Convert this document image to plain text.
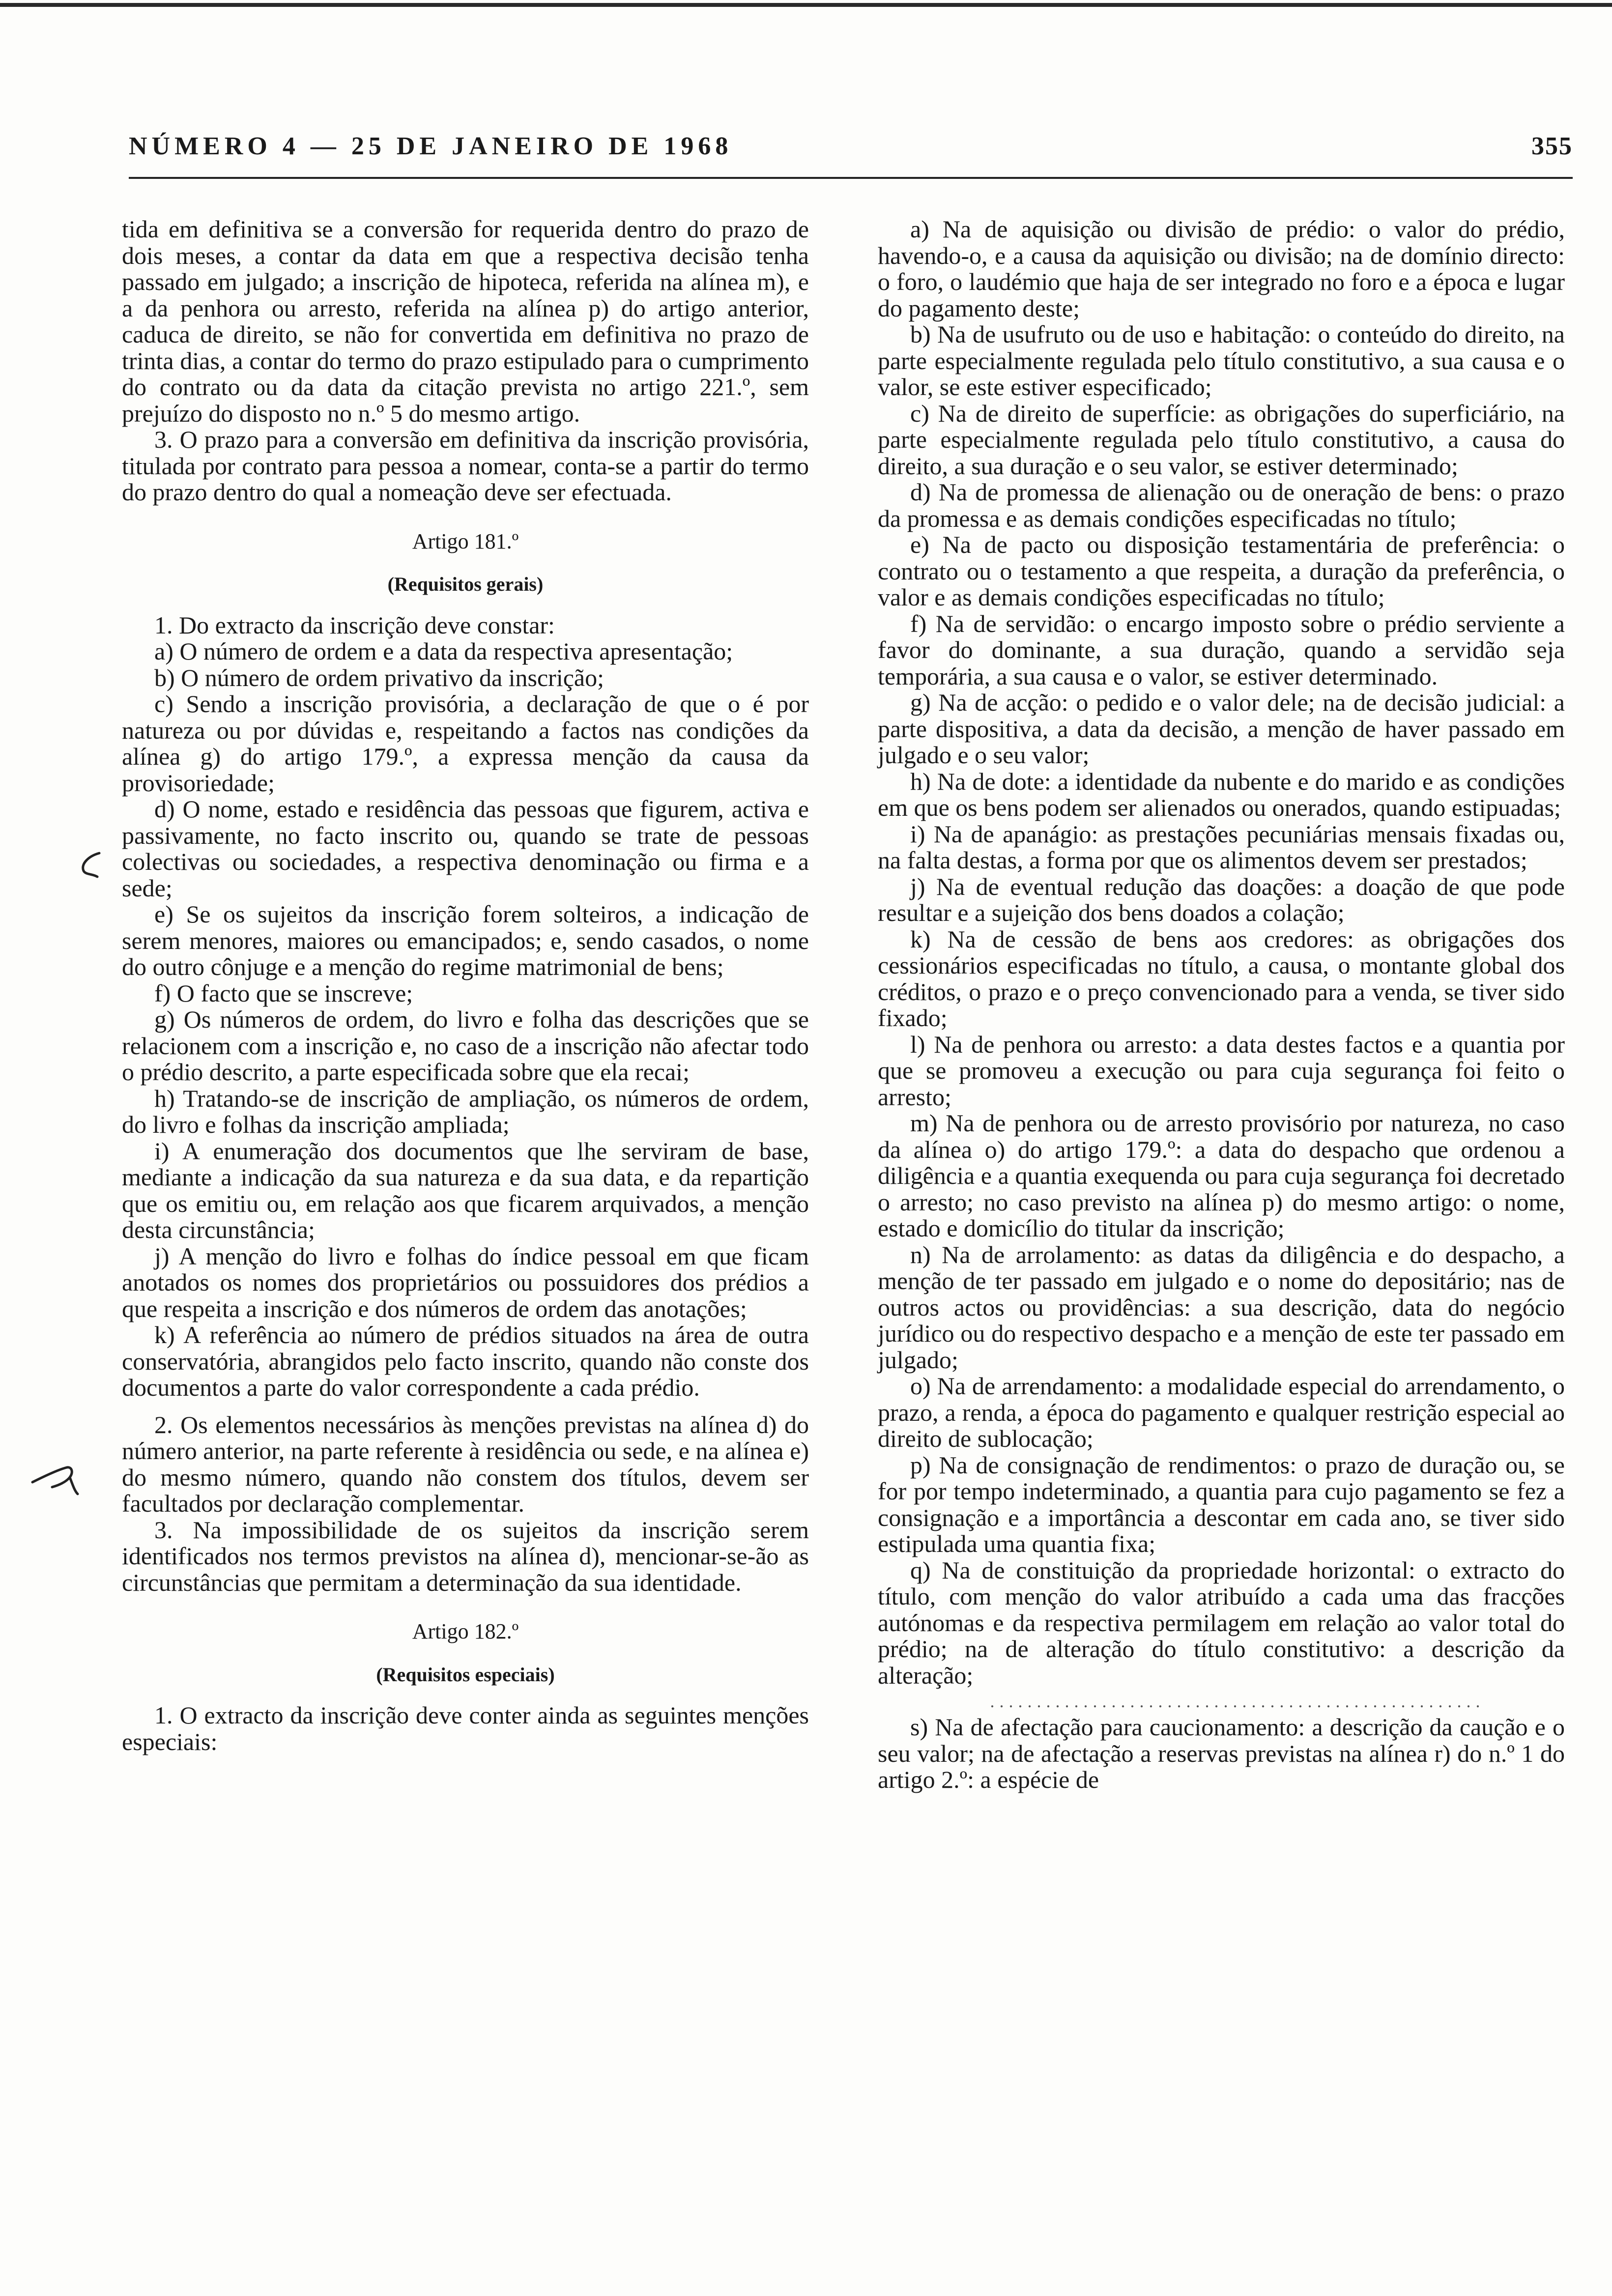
NÚMERO 4 — 25 DE JANEIRO DE 1968	355

tida em definitiva se a conversão for requerida dentro do prazo de dois meses, a contar da data em que a respectiva decisão tenha passado em julgado; a inscrição de hipoteca, referida na alínea m), e a da penhora ou arresto, referida na alínea p) do artigo anterior, caduca de direito, se não for convertida em definitiva no prazo de trinta dias, a contar do termo do prazo estipulado para o cumprimento do contrato ou da data da citação prevista no artigo 221.º, sem prejuízo do disposto no n.º 5 do mesmo artigo.

3. O prazo para a conversão em definitiva da inscrição provisória, titulada por contrato para pessoa a nomear, conta-se a partir do termo do prazo dentro do qual a nomeação deve ser efectuada.

Artigo 181.º

(Requisitos gerais)

1. Do extracto da inscrição deve constar:

a) O número de ordem e a data da respectiva apresentação;

b) O número de ordem privativo da inscrição;

c) Sendo a inscrição provisória, a declaração de que o é por natureza ou por dúvidas e, respeitando a factos nas condições da alínea g) do artigo 179.º, a expressa menção da causa da provisoriedade;

d) O nome, estado e residência das pessoas que figurem, activa e passivamente, no facto inscrito ou, quando se trate de pessoas colectivas ou sociedades, a respectiva denominação ou firma e a sede;

e) Se os sujeitos da inscrição forem solteiros, a indicação de serem menores, maiores ou emancipados; e, sendo casados, o nome do outro cônjuge e a menção do regime matrimonial de bens;

f) O facto que se inscreve;

g) Os números de ordem, do livro e folha das descrições que se relacionem com a inscrição e, no caso de a inscrição não afectar todo o prédio descrito, a parte especificada sobre que ela recai;

h) Tratando-se de inscrição de ampliação, os números de ordem, do livro e folhas da inscrição ampliada;

i) A enumeração dos documentos que lhe serviram de base, mediante a indicação da sua natureza e da sua data, e da repartição que os emitiu ou, em relação aos que ficarem arquivados, a menção desta circunstância;

j) A menção do livro e folhas do índice pessoal em que ficam anotados os nomes dos proprietários ou possuidores dos prédios a que respeita a inscrição e dos números de ordem das anotações;

k) A referência ao número de prédios situados na área de outra conservatória, abrangidos pelo facto inscrito, quando não conste dos documentos a parte do valor correspondente a cada prédio.

2. Os elementos necessários às menções previstas na alínea d) do número anterior, na parte referente à residência ou sede, e na alínea e) do mesmo número, quando não constem dos títulos, devem ser facultados por declaração complementar.

3. Na impossibilidade de os sujeitos da inscrição serem identificados nos termos previstos na alínea d), mencionar-se-ão as circunstâncias que permitam a determinação da sua identidade.

Artigo 182.º

(Requisitos especiais)

1. O extracto da inscrição deve conter ainda as seguintes menções especiais:

a) Na de aquisição ou divisão de prédio: o valor do prédio, havendo-o, e a causa da aquisição ou divisão; na de domínio directo: o foro, o laudémio que haja de ser integrado no foro e a época e lugar do pagamento deste;

b) Na de usufruto ou de uso e habitação: o conteúdo do direito, na parte especialmente regulada pelo título constitutivo, a sua causa e o valor, se este estiver especificado;

c) Na de direito de superfície: as obrigações do superficiário, na parte especialmente regulada pelo título constitutivo, a causa do direito, a sua duração e o seu valor, se estiver determinado;

d) Na de promessa de alienação ou de oneração de bens: o prazo da promessa e as demais condições especificadas no título;

e) Na de pacto ou disposição testamentária de preferência: o contrato ou o testamento a que respeita, a duração da preferência, o valor e as demais condições especificadas no título;

f) Na de servidão: o encargo imposto sobre o prédio serviente a favor do dominante, a sua duração, quando a servidão seja temporária, a sua causa e o valor, se estiver determinado.

g) Na de acção: o pedido e o valor dele; na de decisão judicial: a parte dispositiva, a data da decisão, a menção de haver passado em julgado e o seu valor;

h) Na de dote: a identidade da nubente e do marido e as condições em que os bens podem ser alienados ou onerados, quando estipuadas;

i) Na de apanágio: as prestações pecuniárias mensais fixadas ou, na falta destas, a forma por que os alimentos devem ser prestados;

j) Na de eventual redução das doações: a doação de que pode resultar e a sujeição dos bens doados a colação;

k) Na de cessão de bens aos credores: as obrigações dos cessionários especificadas no título, a causa, o montante global dos créditos, o prazo e o preço convencionado para a venda, se tiver sido fixado;

l) Na de penhora ou arresto: a data destes factos e a quantia por que se promoveu a execução ou para cuja segurança foi feito o arresto;

m) Na de penhora ou de arresto provisório por natureza, no caso da alínea o) do artigo 179.º: a data do despacho que ordenou a diligência e a quantia exequenda ou para cuja segurança foi decretado o arresto; no caso previsto na alínea p) do mesmo artigo: o nome, estado e domicílio do titular da inscrição;

n) Na de arrolamento: as datas da diligência e do despacho, a menção de ter passado em julgado e o nome do depositário; nas de outros actos ou providências: a sua descrição, data do negócio jurídico ou do respectivo despacho e a menção de este ter passado em julgado;

o) Na de arrendamento: a modalidade especial do arrendamento, o prazo, a renda, a época do pagamento e qualquer restrição especial ao direito de sublocação;

p) Na de consignação de rendimentos: o prazo de duração ou, se for por tempo indeterminado, a quantia para cujo pagamento se fez a consignação e a importância a descontar em cada ano, se tiver sido estipulada uma quantia fixa;

q) Na de constituição da propriedade horizontal: o extracto do título, com menção do valor atribuído a cada uma das fracções autónomas e da respectiva permilagem em relação ao valor total do prédio; na de alteração do título constitutivo: a descrição da alteração;

.....................................................

s) Na de afectação para caucionamento: a descrição da caução e o seu valor; na de afectação a reservas previstas na alínea r) do n.º 1 do artigo 2.º: a espécie de
